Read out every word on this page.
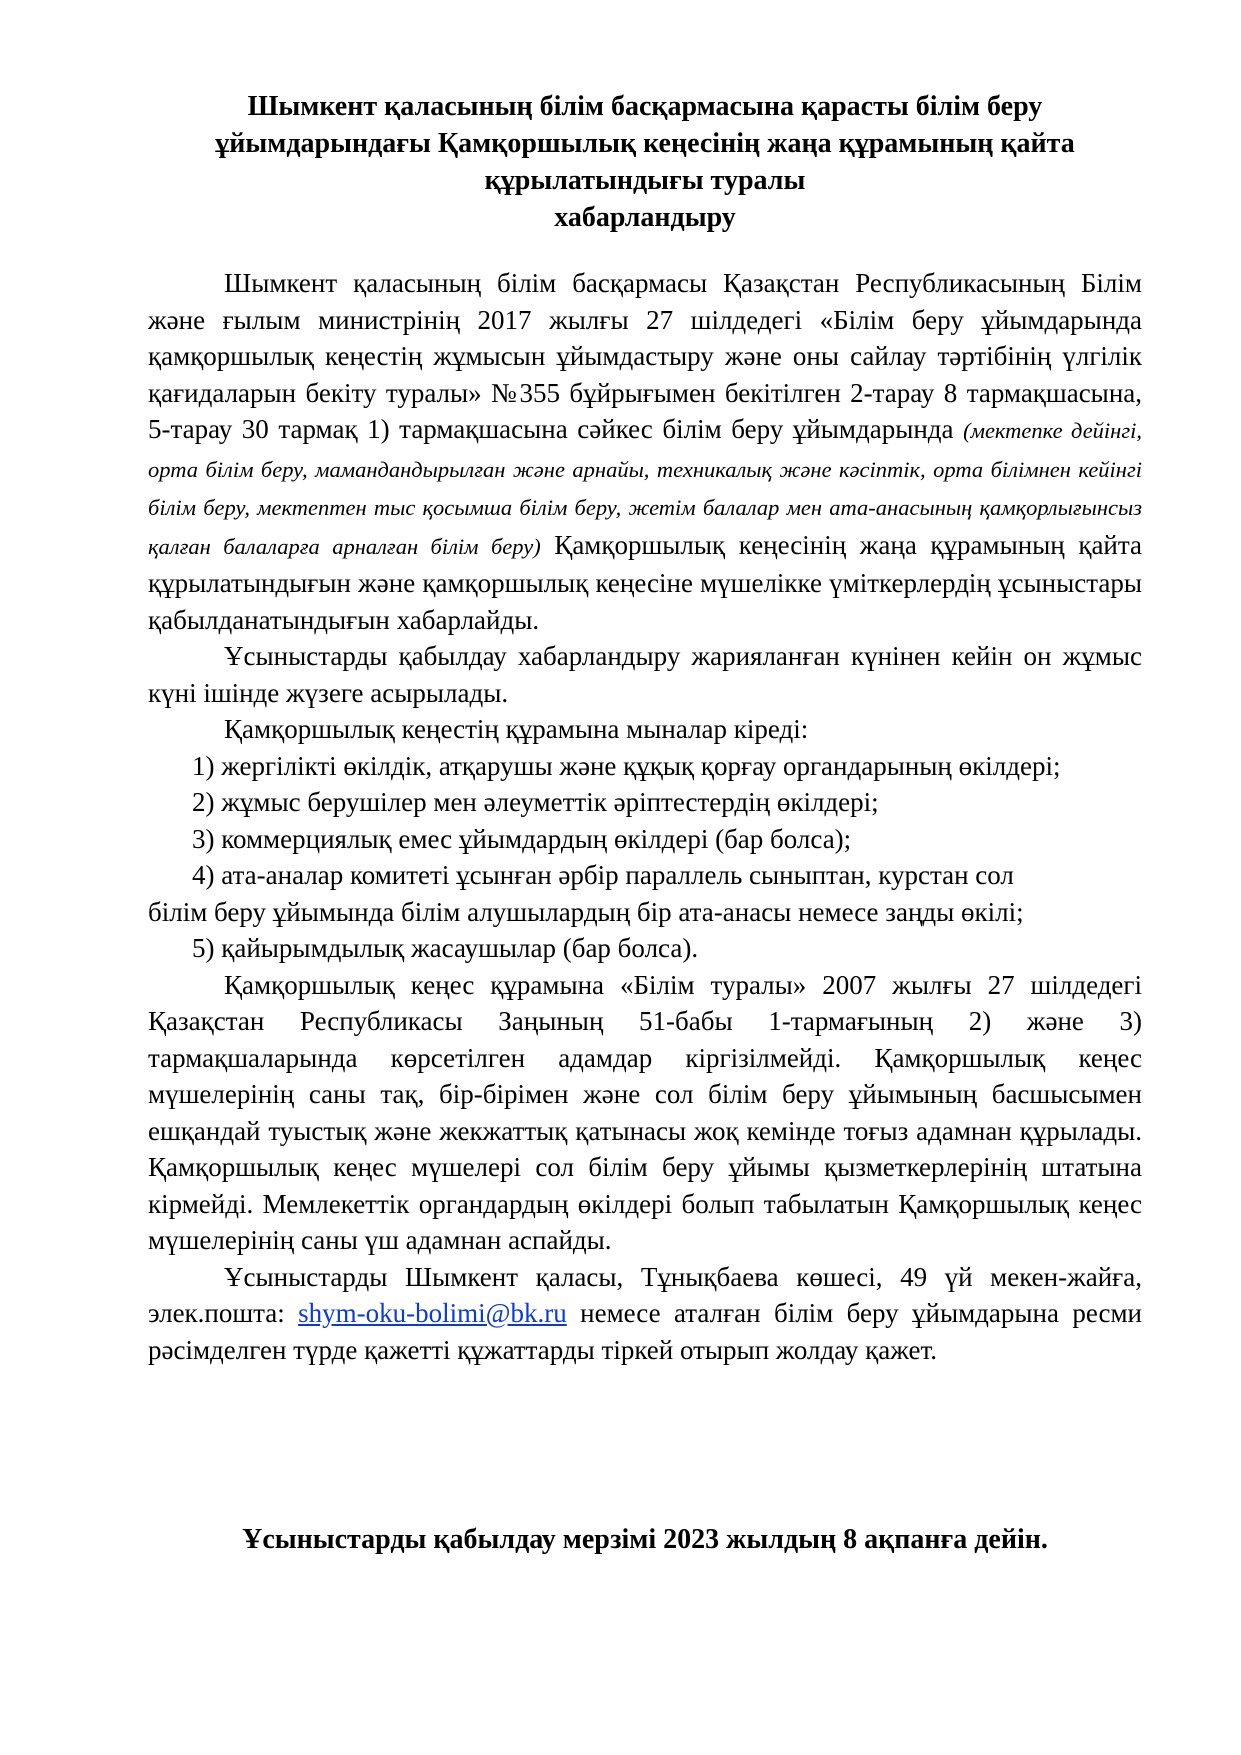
Шымкент қаласының білім басқармасына қарасты білім беру
ұйымдарындағы Қамқоршылық кеңесінің жаңа құрамының қайта
құрылатындығы туралы
хабарландыру

Шымкент қаласының білім басқармасы Қазақстан Республикасының Білім және ғылым министрінің 2017 жылғы 27 шілдедегі «Білім беру ұйымдарында қамқоршылық кеңестің жұмысын ұйымдастыру және оны сайлау тәртібінің үлгілік қағидаларын бекіту туралы» №355 бұйрығымен бекітілген 2-тарау 8 тармақшасына, 5-тарау 30 тармақ 1) тармақшасына сәйкес білім беру ұйымдарында (мектепке дейінгі, орта білім беру, мамандандырылған және арнайы, техникалық және кәсіптік, орта білімнен кейінгі білім беру, мектептен тыс қосымша білім беру, жетім балалар мен ата-анасының қамқорлығынсыз қалған балаларға арналған білім беру) Қамқоршылық кеңесінің жаңа құрамының қайта құрылатындығын және қамқоршылық кеңесіне мүшелікке үміткерлердің ұсыныстары қабылданатындығын хабарлайды.

Ұсыныстарды қабылдау хабарландыру жарияланған күнінен кейін он жұмыс күні ішінде жүзеге асырылады.

Қамқоршылық кеңестің құрамына мыналар кіреді:

1) жергілікті өкілдік, атқарушы және құқық қорғау органдарының өкілдері;

2) жұмыс берушілер мен әлеуметтік әріптестердің өкілдері;

3) коммерциялық емес ұйымдардың өкілдері (бар болса);

4) ата-аналар комитеті ұсынған әрбір параллель сыныптан, курстан сол

білім беру ұйымында білім алушылардың бір ата-анасы немесе заңды өкілі;

5) қайырымдылық жасаушылар (бар болса).

Қамқоршылық кеңес құрамына «Білім туралы» 2007 жылғы 27 шілдедегі Қазақстан Республикасы Заңының 51-бабы 1-тармағының 2) және 3) тармақшаларында көрсетілген адамдар кіргізілмейді. Қамқоршылық кеңес мүшелерінің саны тақ, бір-бірімен және сол білім беру ұйымының басшысымен ешқандай туыстық және жекжаттық қатынасы жоқ кемінде тоғыз адамнан құрылады. Қамқоршылық кеңес мүшелері сол білім беру ұйымы қызметкерлерінің штатына кірмейді. Мемлекеттік органдардың өкілдері болып табылатын Қамқоршылық кеңес мүшелерінің саны үш адамнан аспайды.

Ұсыныстарды Шымкент қаласы, Тұнықбаева көшесі, 49 үй мекен-жайға, элек.пошта: shym-oku-bolimi@bk.ru немесе аталған білім беру ұйымдарына ресми рәсімделген түрде қажетті құжаттарды тіркей отырып жолдау қажет.

Ұсыныстарды қабылдау мерзімі 2023 жылдың 8 ақпанға дейін.
